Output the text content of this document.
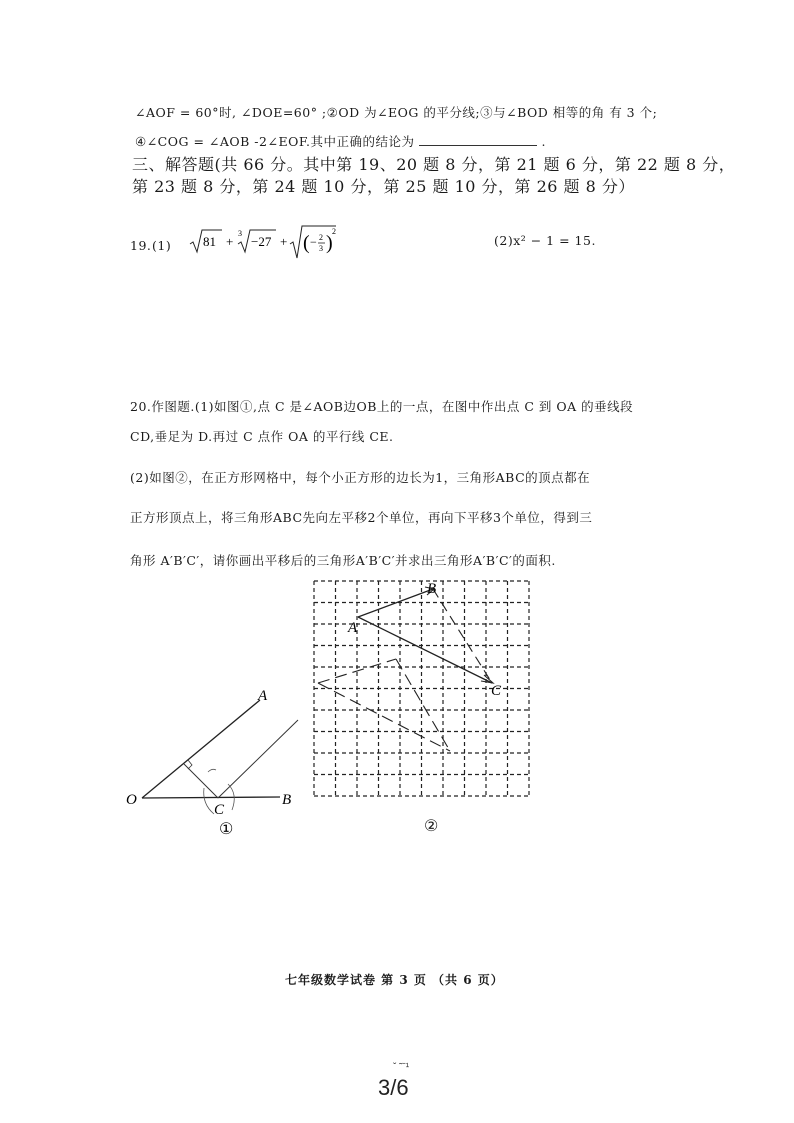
∠AOF = 60°时, ∠DOE=60° ;②OD 为∠EOG 的平分线;③与∠BOD 相等的角 有 3 个;
④∠COG = ∠AOB -2∠EOF.其中正确的结论为	.
三、解答题(共 66 分。其中第 19、20 题 8 分，第 21 题 6 分，第 22 题 8 分，
第 23 题 8 分，第 24 题 10 分，第 25 题 10 分，第 26 题 8 分）
19. (1) 81 +
3
−27 + ( − 2
3 )
2
(2)x² − 1 = 15.
20.作图题.(1)如图①,点 C 是∠AOB边OB上的一点，在图中作出点 C 到 OA 的垂线段
CD,垂足为 D.再过 C 点作 OA 的平行线 CE.
(2)如图②，在正方形网格中，每个小正方形的边长为1，三角形ABC的顶点都在
正方形顶点上，将三角形ABC先向左平移2个单位，再向下平移3个单位，得到三
角形 A′B′C′，请你画出平移后的三角形A′B′C′并求出三角形A′B′C′的面积.
A
O
C
B
①
A
B
C
②
七年级数学试卷 第 3 页 （共 6 页）
ˇ ˜ˉ¹
3/6
